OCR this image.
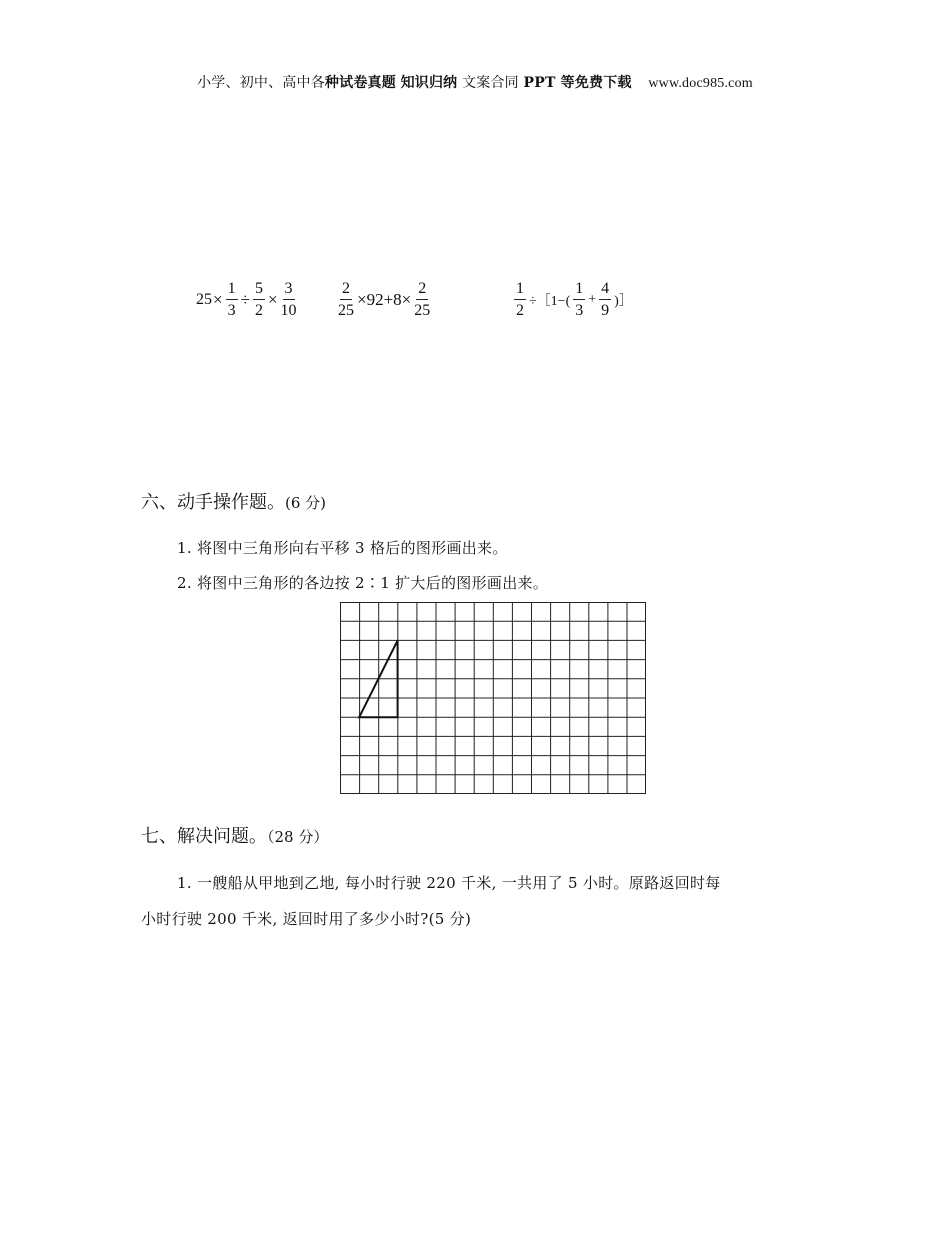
小学、初中、高中各种试卷真题 知识归纳 文案合同 PPT 等免费下载 www.doc985.com
$25 \times \frac{1}{3} \div \frac{5}{2} \times \frac{3}{10}$	$\frac{2}{25} \times 92+8\times \frac{2}{25}$	$\frac{1}{2}$ ÷［1−( $\frac{1}{3} + \frac{4}{9}$ )］
六、动手操作题。(6 分)
1. 将图中三角形向右平移 3 格后的图形画出来。
2. 将图中三角形的各边按 2∶1 扩大后的图形画出来。
七、解决问题。（28 分）
1. 一艘船从甲地到乙地, 每小时行驶 220 千米, 一共用了 5 小时。原路返回时每
小时行驶 200 千米, 返回时用了多少小时?(5 分)
